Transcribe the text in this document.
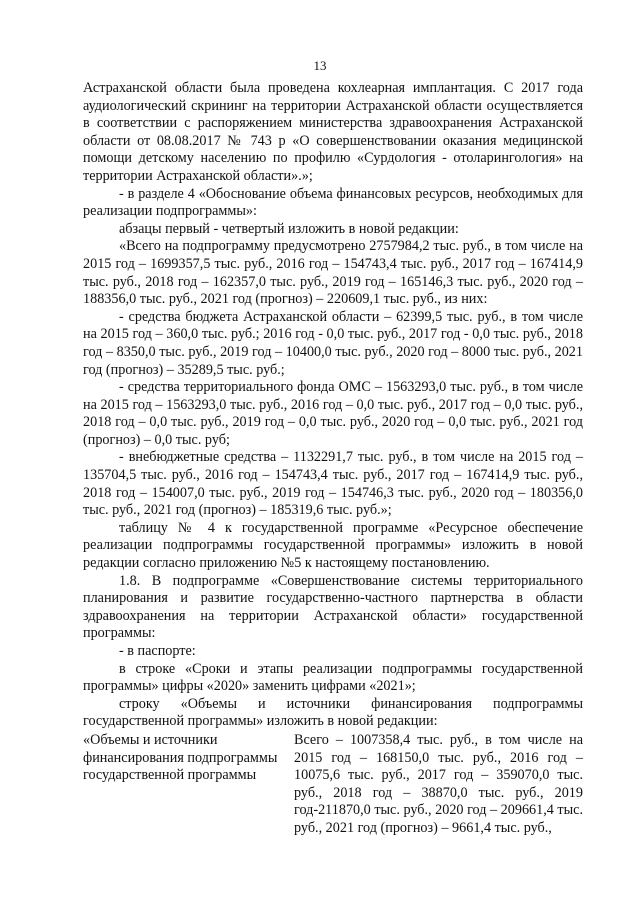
13

Астраханской области была проведена кохлеарная имплантация. С 2017 года аудиологический скрининг на территории Астраханской области осуществляется в соответствии с распоряжением министерства здравоохранения Астраханской области от 08.08.2017 № 743 р «О совершенствовании оказания медицинской помощи детскому населению по профилю «Сурдология - отоларингология» на территории Астраханской области».»;

- в разделе 4 «Обоснование объема финансовых ресурсов, необходимых для реализации подпрограммы»:

абзацы первый - четвертый изложить в новой редакции:

«Всего на подпрограмму предусмотрено 2757984,2 тыс. руб., в том числе на 2015 год – 1699357,5 тыс. руб., 2016 год – 154743,4 тыс. руб., 2017 год – 167414,9 тыс. руб., 2018 год – 162357,0 тыс. руб., 2019 год – 165146,3 тыс. руб., 2020 год – 188356,0 тыс. руб., 2021 год (прогноз) – 220609,1 тыс. руб., из них:

- средства бюджета Астраханской области – 62399,5 тыс. руб., в том числе на 2015 год – 360,0 тыс. руб.; 2016 год - 0,0 тыс. руб., 2017 год - 0,0 тыс. руб., 2018 год – 8350,0 тыс. руб., 2019 год – 10400,0 тыс. руб., 2020 год – 8000 тыс. руб., 2021 год (прогноз) – 35289,5 тыс. руб.;

- средства территориального фонда ОМС – 1563293,0 тыс. руб., в том числе на 2015 год – 1563293,0 тыс. руб., 2016 год – 0,0 тыс. руб., 2017 год – 0,0 тыс. руб., 2018 год – 0,0 тыс. руб., 2019 год – 0,0 тыс. руб., 2020 год – 0,0 тыс. руб., 2021 год (прогноз) – 0,0 тыс. руб;

- внебюджетные средства – 1132291,7 тыс. руб., в том числе на 2015 год – 135704,5 тыс. руб., 2016 год – 154743,4 тыс. руб., 2017 год – 167414,9 тыс. руб., 2018 год – 154007,0 тыс. руб., 2019 год – 154746,3 тыс. руб., 2020 год – 180356,0 тыс. руб., 2021 год (прогноз) – 185319,6 тыс. руб.»;

таблицу № 4 к государственной программе «Ресурсное обеспечение реализации подпрограммы государственной программы» изложить в новой редакции согласно приложению №5 к настоящему постановлению.

1.8. В подпрограмме «Совершенствование системы территориального планирования и развитие государственно-частного партнерства в области здравоохранения на территории Астраханской области» государственной программы:

- в паспорте:

в строке «Сроки и этапы реализации подпрограммы государственной программы» цифры «2020» заменить цифрами «2021»;

строку «Объемы и источники финансирования подпрограммы государственной программы» изложить в новой редакции:

«Объемы и источники финансирования подпрограммы государственной программы
Всего – 1007358,4 тыс. руб., в том числе на 2015 год – 168150,0 тыс. руб., 2016 год – 10075,6 тыс. руб., 2017 год – 359070,0 тыс. руб., 2018 год – 38870,0 тыс. руб., 2019 год-211870,0 тыс. руб., 2020 год – 209661,4 тыс. руб., 2021 год (прогноз) – 9661,4 тыс. руб.,
